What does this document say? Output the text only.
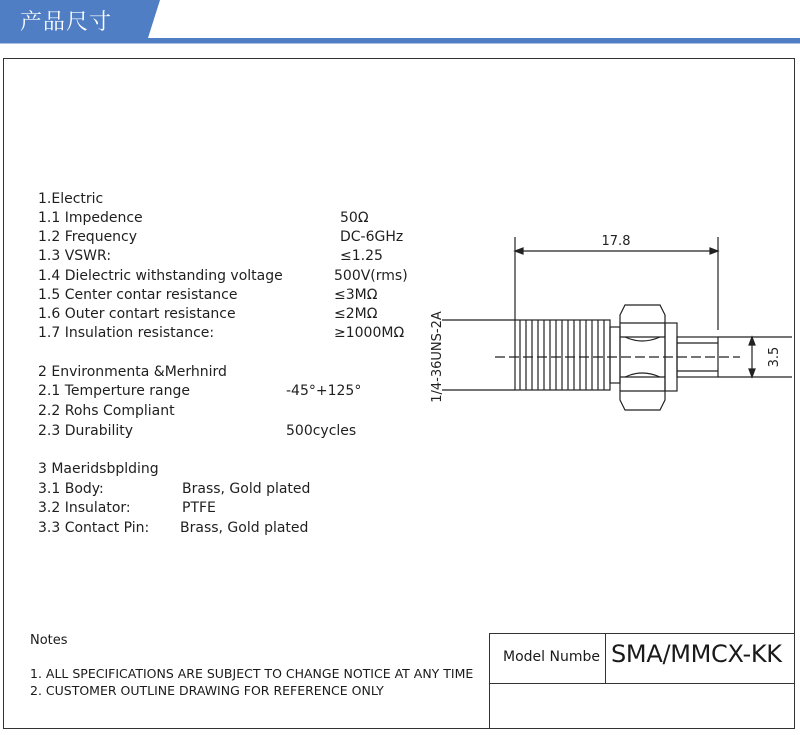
产品尺寸
1.Electric
1.1 Impedence	50Ω
1.2 Frequency	DC-6GHz
1.3 VSWR:	≤1.25
1.4 Dielectric withstanding voltage	500V(rms)
1.5 Center contar resistance	≤3MΩ
1.6 Outer contart resistance	≤2MΩ
1.7 Insulation resistance:	≥1000MΩ
2 Environmenta &Merhnird
2.1 Temperture range	-45°+125°
2.2 Rohs Compliant
2.3 Durability	500cycles
3 Maeridsbplding
3.1 Body:	Brass, Gold plated
3.2 Insulator:	PTFE
3.3 Contact Pin: Brass, Gold plated
17.8
3.5
1/4-36UNS-2A
Notes
1. ALL SPECIFICATIONS ARE SUBJECT TO CHANGE NOTICE AT ANY TIME
2. CUSTOMER OUTLINE DRAWING FOR REFERENCE ONLY
Model Numbe SMA/MMCX-KK
